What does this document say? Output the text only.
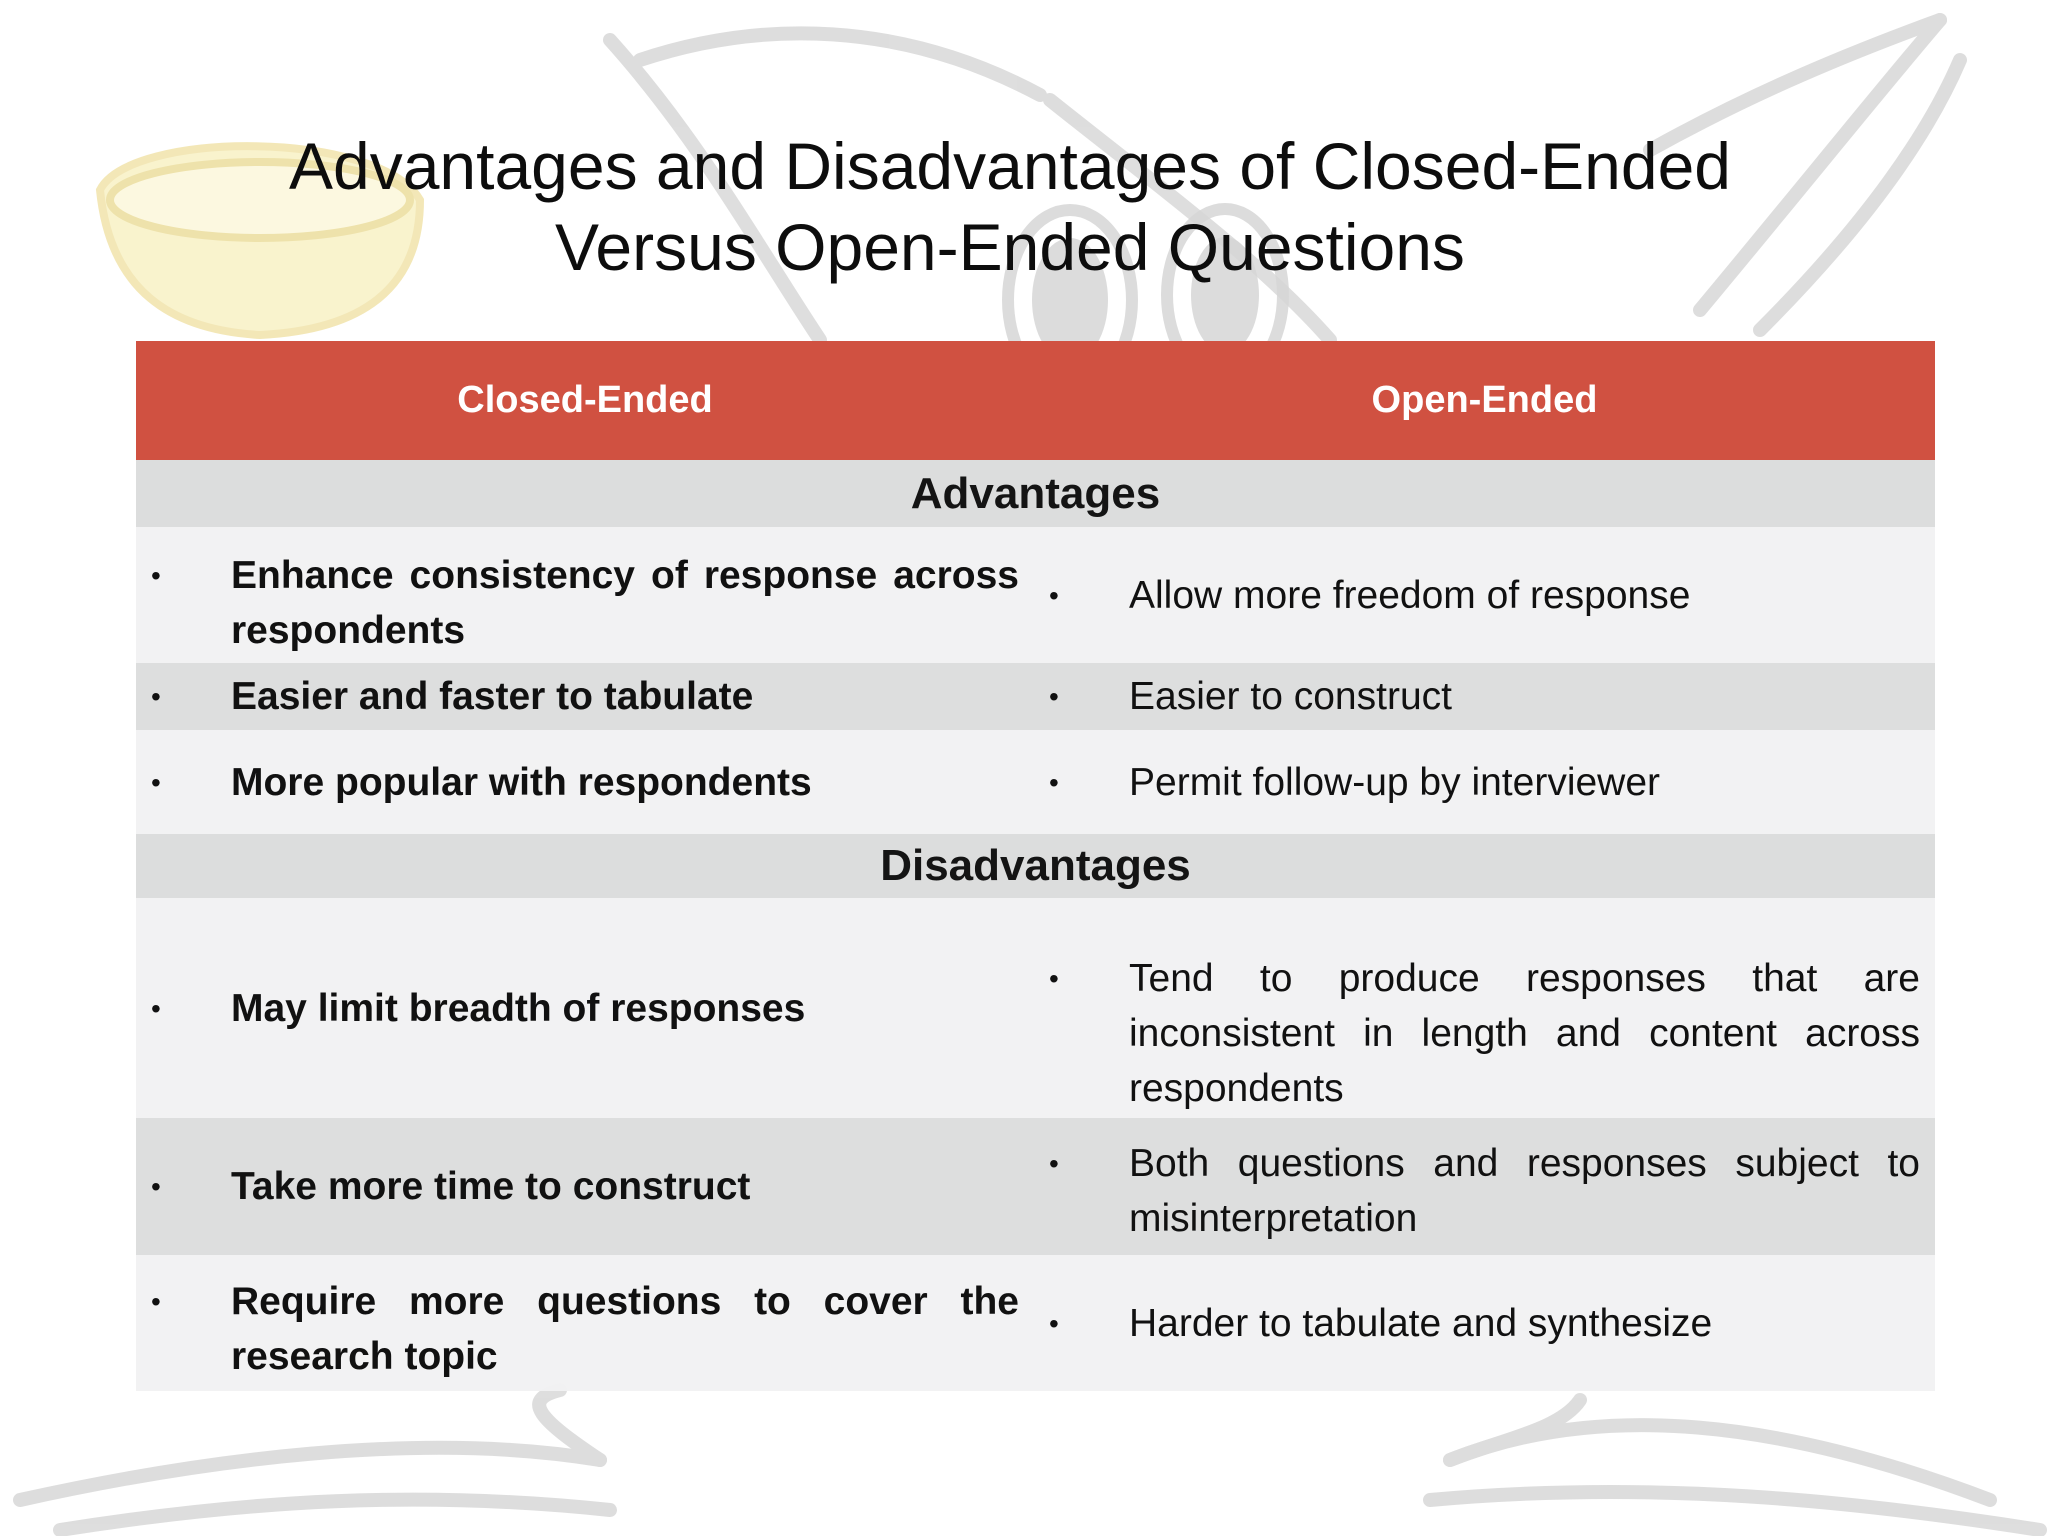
Advantages and Disadvantages of Closed-Ended
Versus Open-Ended Questions
Closed-Ended	Open-Ended
Advantages	

• Enhance consistency of response across respondents	• Allow more freedom of response

• Easier and faster to tabulate	• Easier to construct

• More popular with respondents	• Permit follow-up by interviewer

Disadvantages	

• May limit breadth of responses	• Tend to produce responses that are inconsistent in length and content across respondents

• Take more time to construct	• Both questions and responses subject to misinterpretation

• Require more questions to cover the research topic	• Harder to tabulate and synthesize
